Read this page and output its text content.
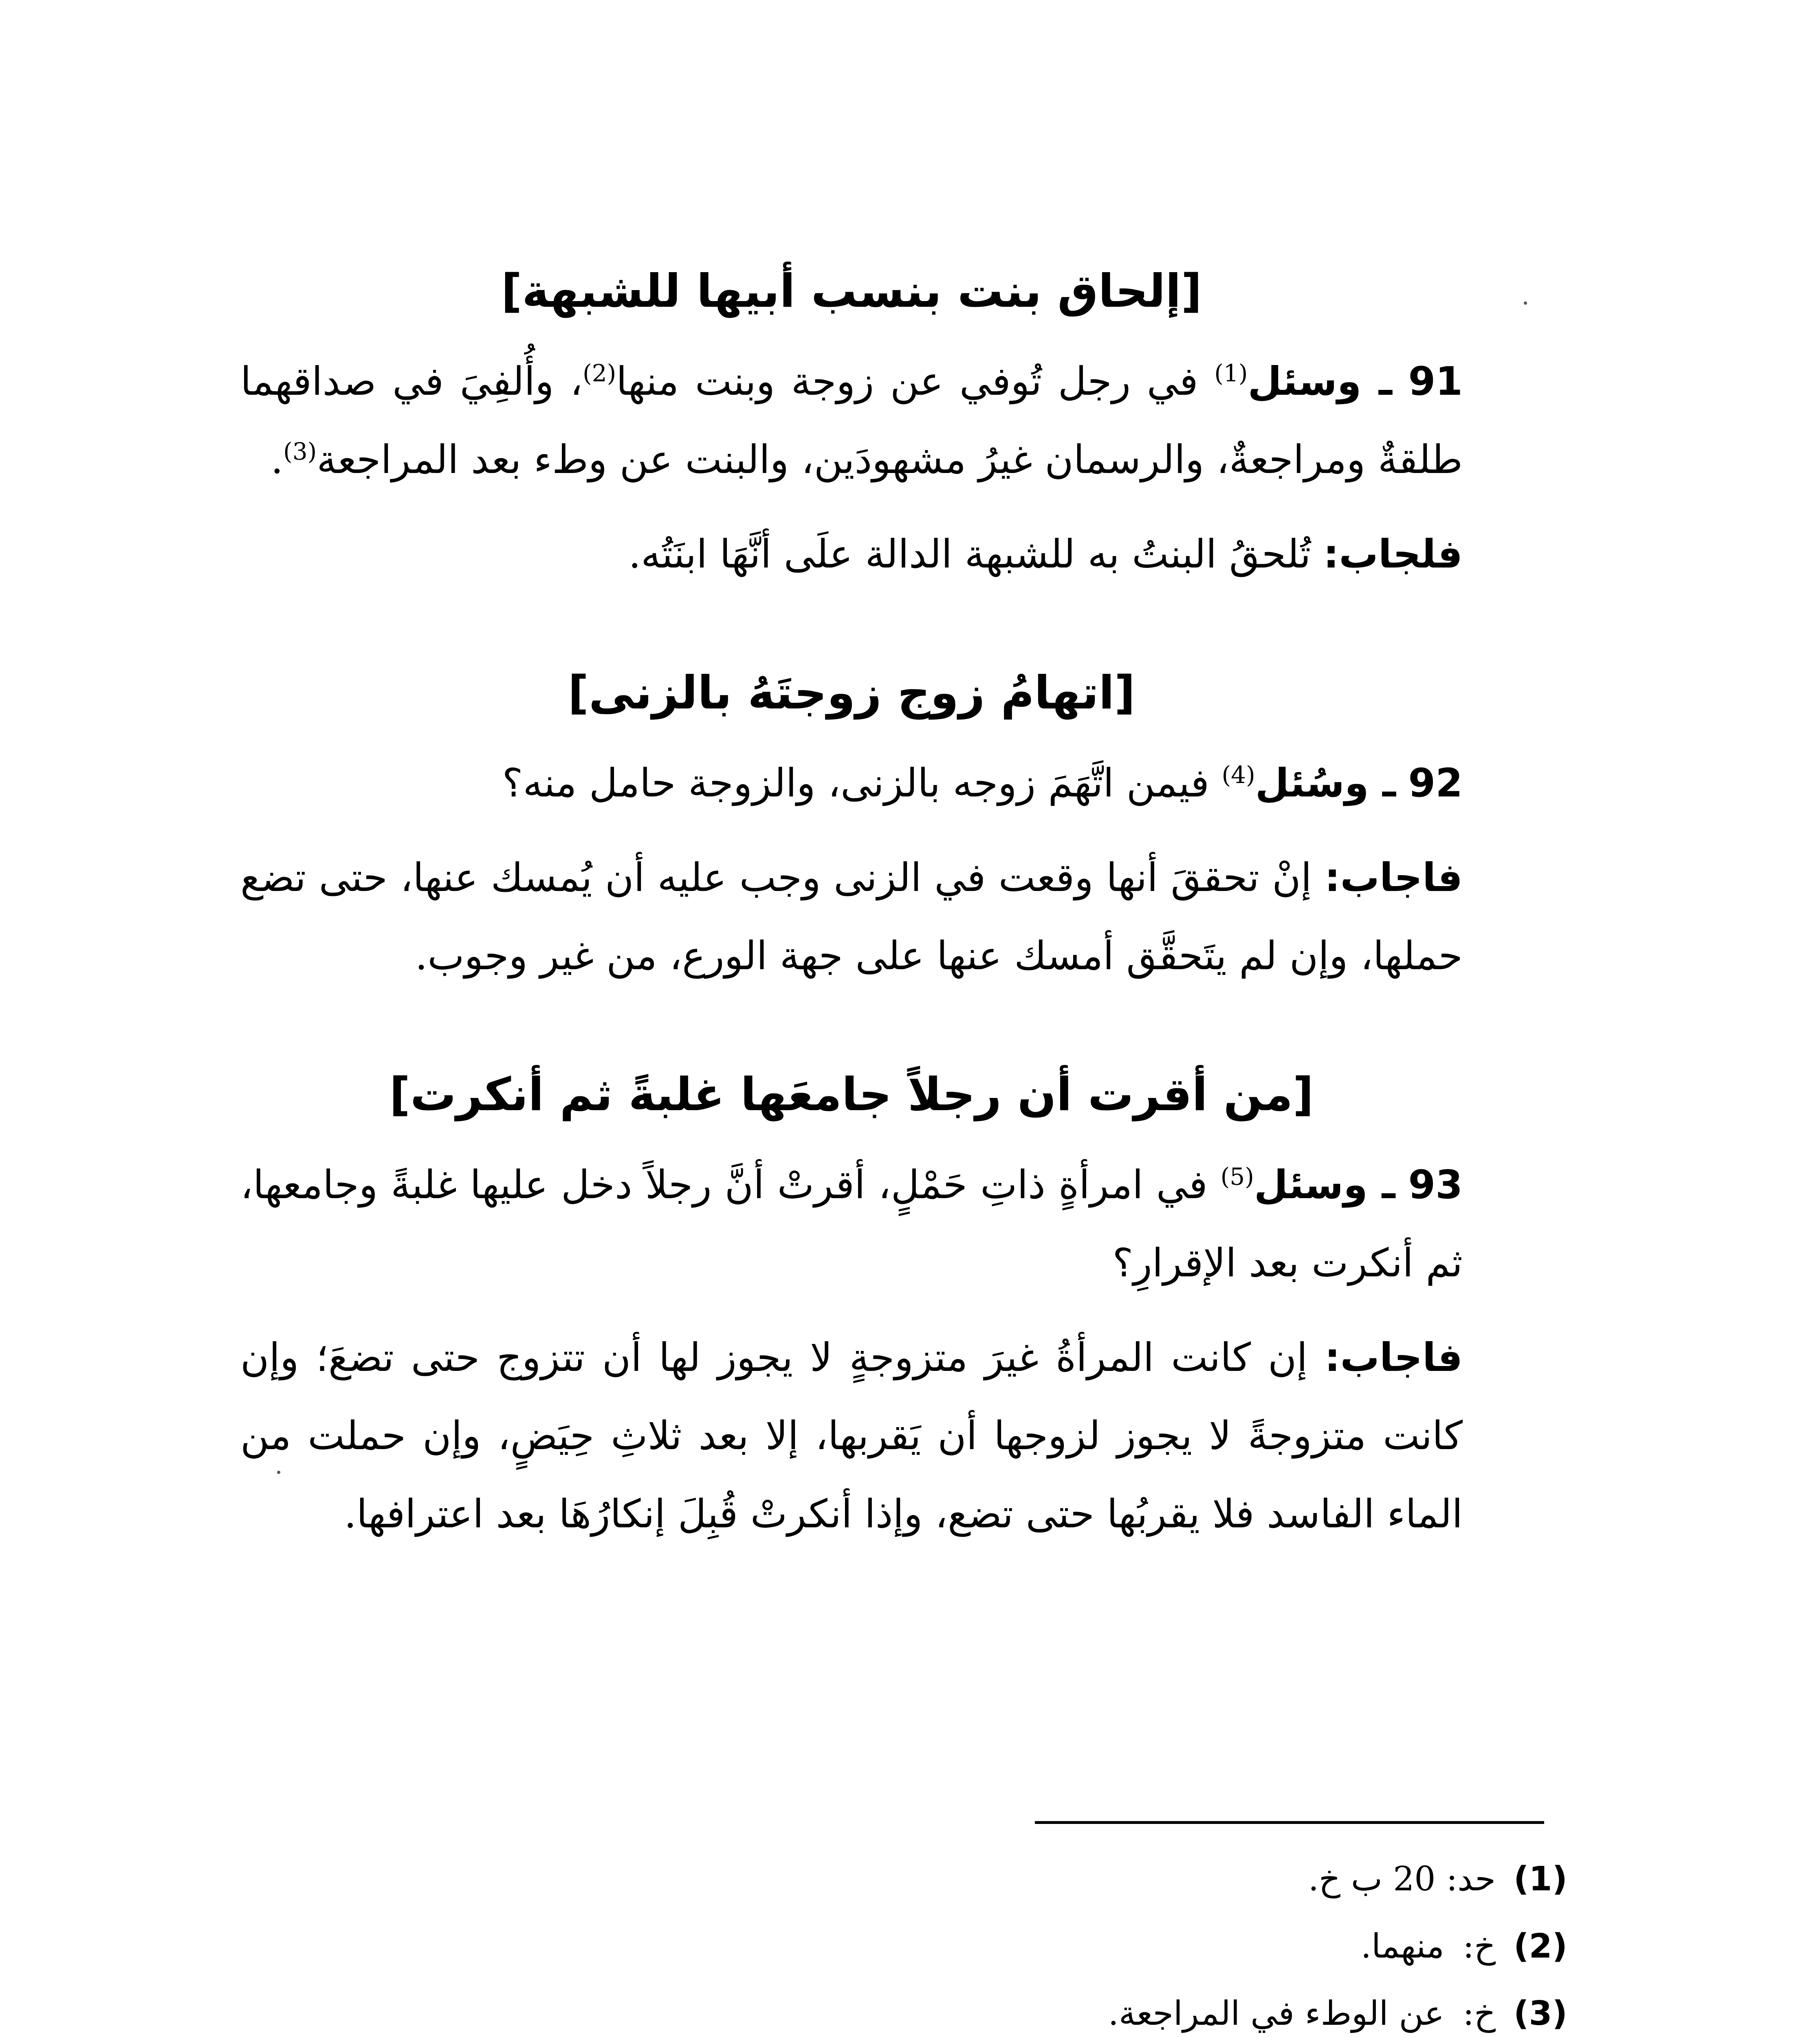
[إلحاق بنت بنسب أبيها للشبهة]

91 ـ وسئل$^{(1)}$ في رجل تُوفي عن زوجة وبنت منها$^{(2)}$، وأُلفِيَ في صداقهما طلقةٌ ومراجعةٌ، والرسمان غيرُ مشهودَين، والبنت عن وطء بعد المراجعة$^{(3)}$.

فلجاب: تُلحقُ البنتُ به للشبهة الدالة علَى أنَّهَا ابنَتُه.

[اتهامُ زوج زوجتَهُ بالزنى]

92 ـ وسُئل$^{(4)}$ فيمن اتَّهَمَ زوجه بالزنى، والزوجة حامل منه؟

فاجاب: إنْ تحققَ أنها وقعت في الزنى وجب عليه أن يُمسك عنها، حتى تضع حملها، وإن لم يتَحقَّق أمسك عنها على جهة الورع، من غير وجوب.

[من أقرت أن رجلاً جامعَها غلبةً ثم أنكرت]

93 ـ وسئل$^{(5)}$ في امرأةٍ ذاتِ حَمْلٍ، أقرتْ أنَّ رجلاً دخل عليها غلبةً وجامعها، ثم أنكرت بعد الإقرارِ؟

فاجاب: إن كانت المرأةُ غيرَ متزوجةٍ لا يجوز لها أن تتزوج حتى تضعَ؛ وإن كانت متزوجةً لا يجوز لزوجها أن يَقربها، إلا بعد ثلاثِ حِيَضٍ، وإن حملت من الماء الفاسد فلا يقربُها حتى تضع، وإذا أنكرتْ قُبِلَ إنكارُهَا بعد اعترافها.

(1) حد: 20 ب خ.
(2) خ: منهما.
(3) خ: عن الوطء في المراجعة.
